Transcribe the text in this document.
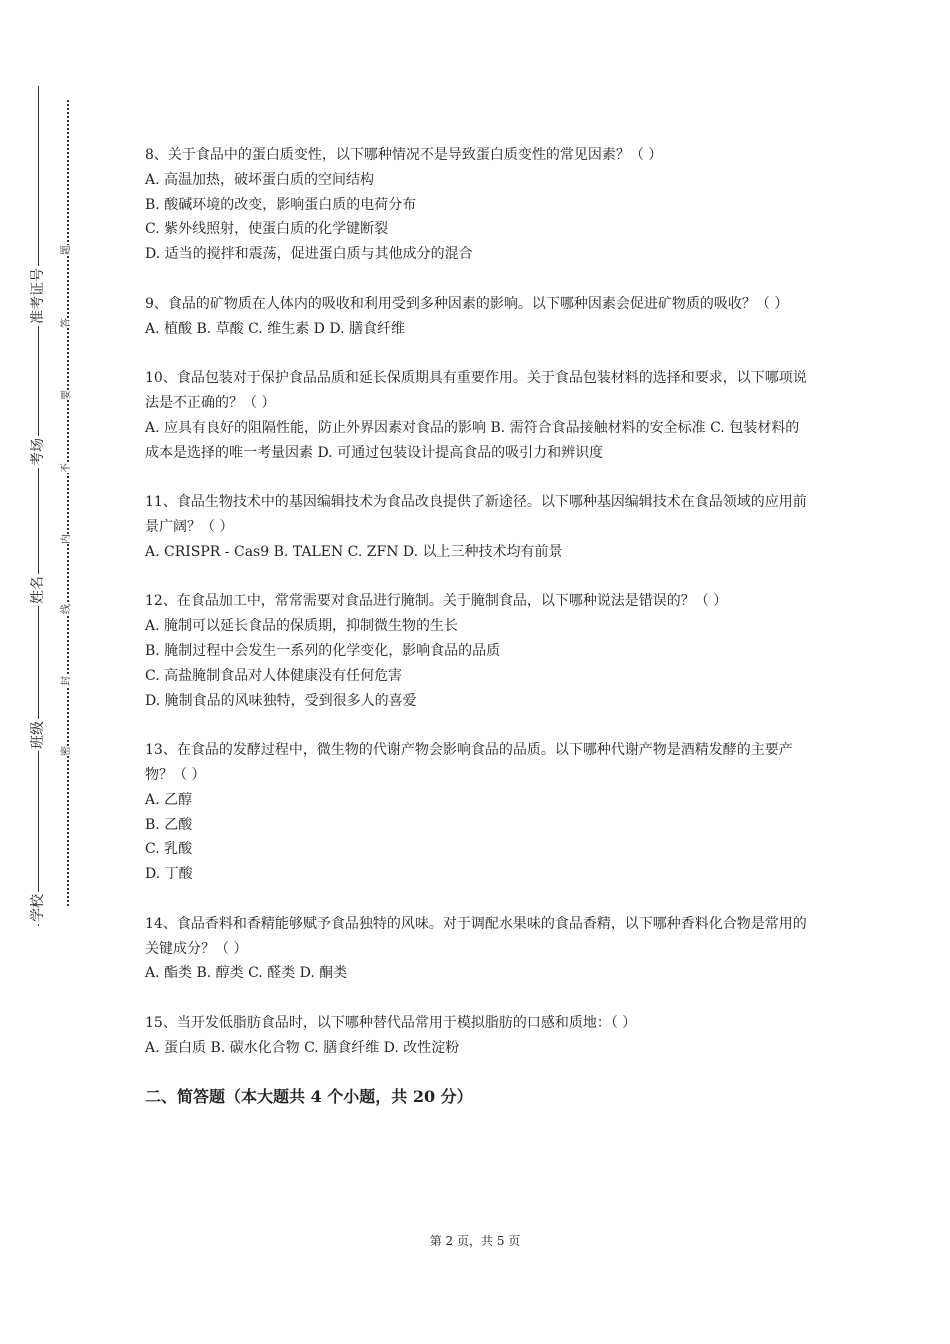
准考证号
考场
姓名
班级
学校
题
答
要
不
内
线
封
密

8、关于食品中的蛋白质变性，以下哪种情况不是导致蛋白质变性的常见因素？（ ）

A. 高温加热，破坏蛋白质的空间结构
B. 酸碱环境的改变，影响蛋白质的电荷分布
C. 紫外线照射，使蛋白质的化学键断裂
D. 适当的搅拌和震荡，促进蛋白质与其他成分的混合

9、食品的矿物质在人体内的吸收和利用受到多种因素的影响。以下哪种因素会促进矿物质的吸收？（ ）

A. 植酸 B. 草酸 C. 维生素 D D. 膳食纤维

10、食品包装对于保护食品品质和延长保质期具有重要作用。关于食品包装材料的选择和要求，以下哪项说法是不正确的？（ ）

A. 应具有良好的阻隔性能，防止外界因素对食品的影响 B. 需符合食品接触材料的安全标准 C. 包装材料的成本是选择的唯一考量因素 D. 可通过包装设计提高食品的吸引力和辨识度

11、食品生物技术中的基因编辑技术为食品改良提供了新途径。以下哪种基因编辑技术在食品领域的应用前景广阔？（ ）

A. CRISPR - Cas9 B. TALEN C. ZFN D. 以上三种技术均有前景

12、在食品加工中，常常需要对食品进行腌制。关于腌制食品，以下哪种说法是错误的？（ ）

A. 腌制可以延长食品的保质期，抑制微生物的生长
B. 腌制过程中会发生一系列的化学变化，影响食品的品质
C. 高盐腌制食品对人体健康没有任何危害
D. 腌制食品的风味独特，受到很多人的喜爱

13、在食品的发酵过程中，微生物的代谢产物会影响食品的品质。以下哪种代谢产物是酒精发酵的主要产物？（ ）

A. 乙醇
B. 乙酸
C. 乳酸
D. 丁酸

14、食品香料和香精能够赋予食品独特的风味。对于调配水果味的食品香精，以下哪种香料化合物是常用的关键成分？（ ）

A. 酯类 B. 醇类 C. 醛类 D. 酮类

15、当开发低脂肪食品时，以下哪种替代品常用于模拟脂肪的口感和质地：（ ）

A. 蛋白质 B. 碳水化合物 C. 膳食纤维 D. 改性淀粉
二、简答题（本大题共 4 个小题，共 20 分）
第 2 页，共 5 页
